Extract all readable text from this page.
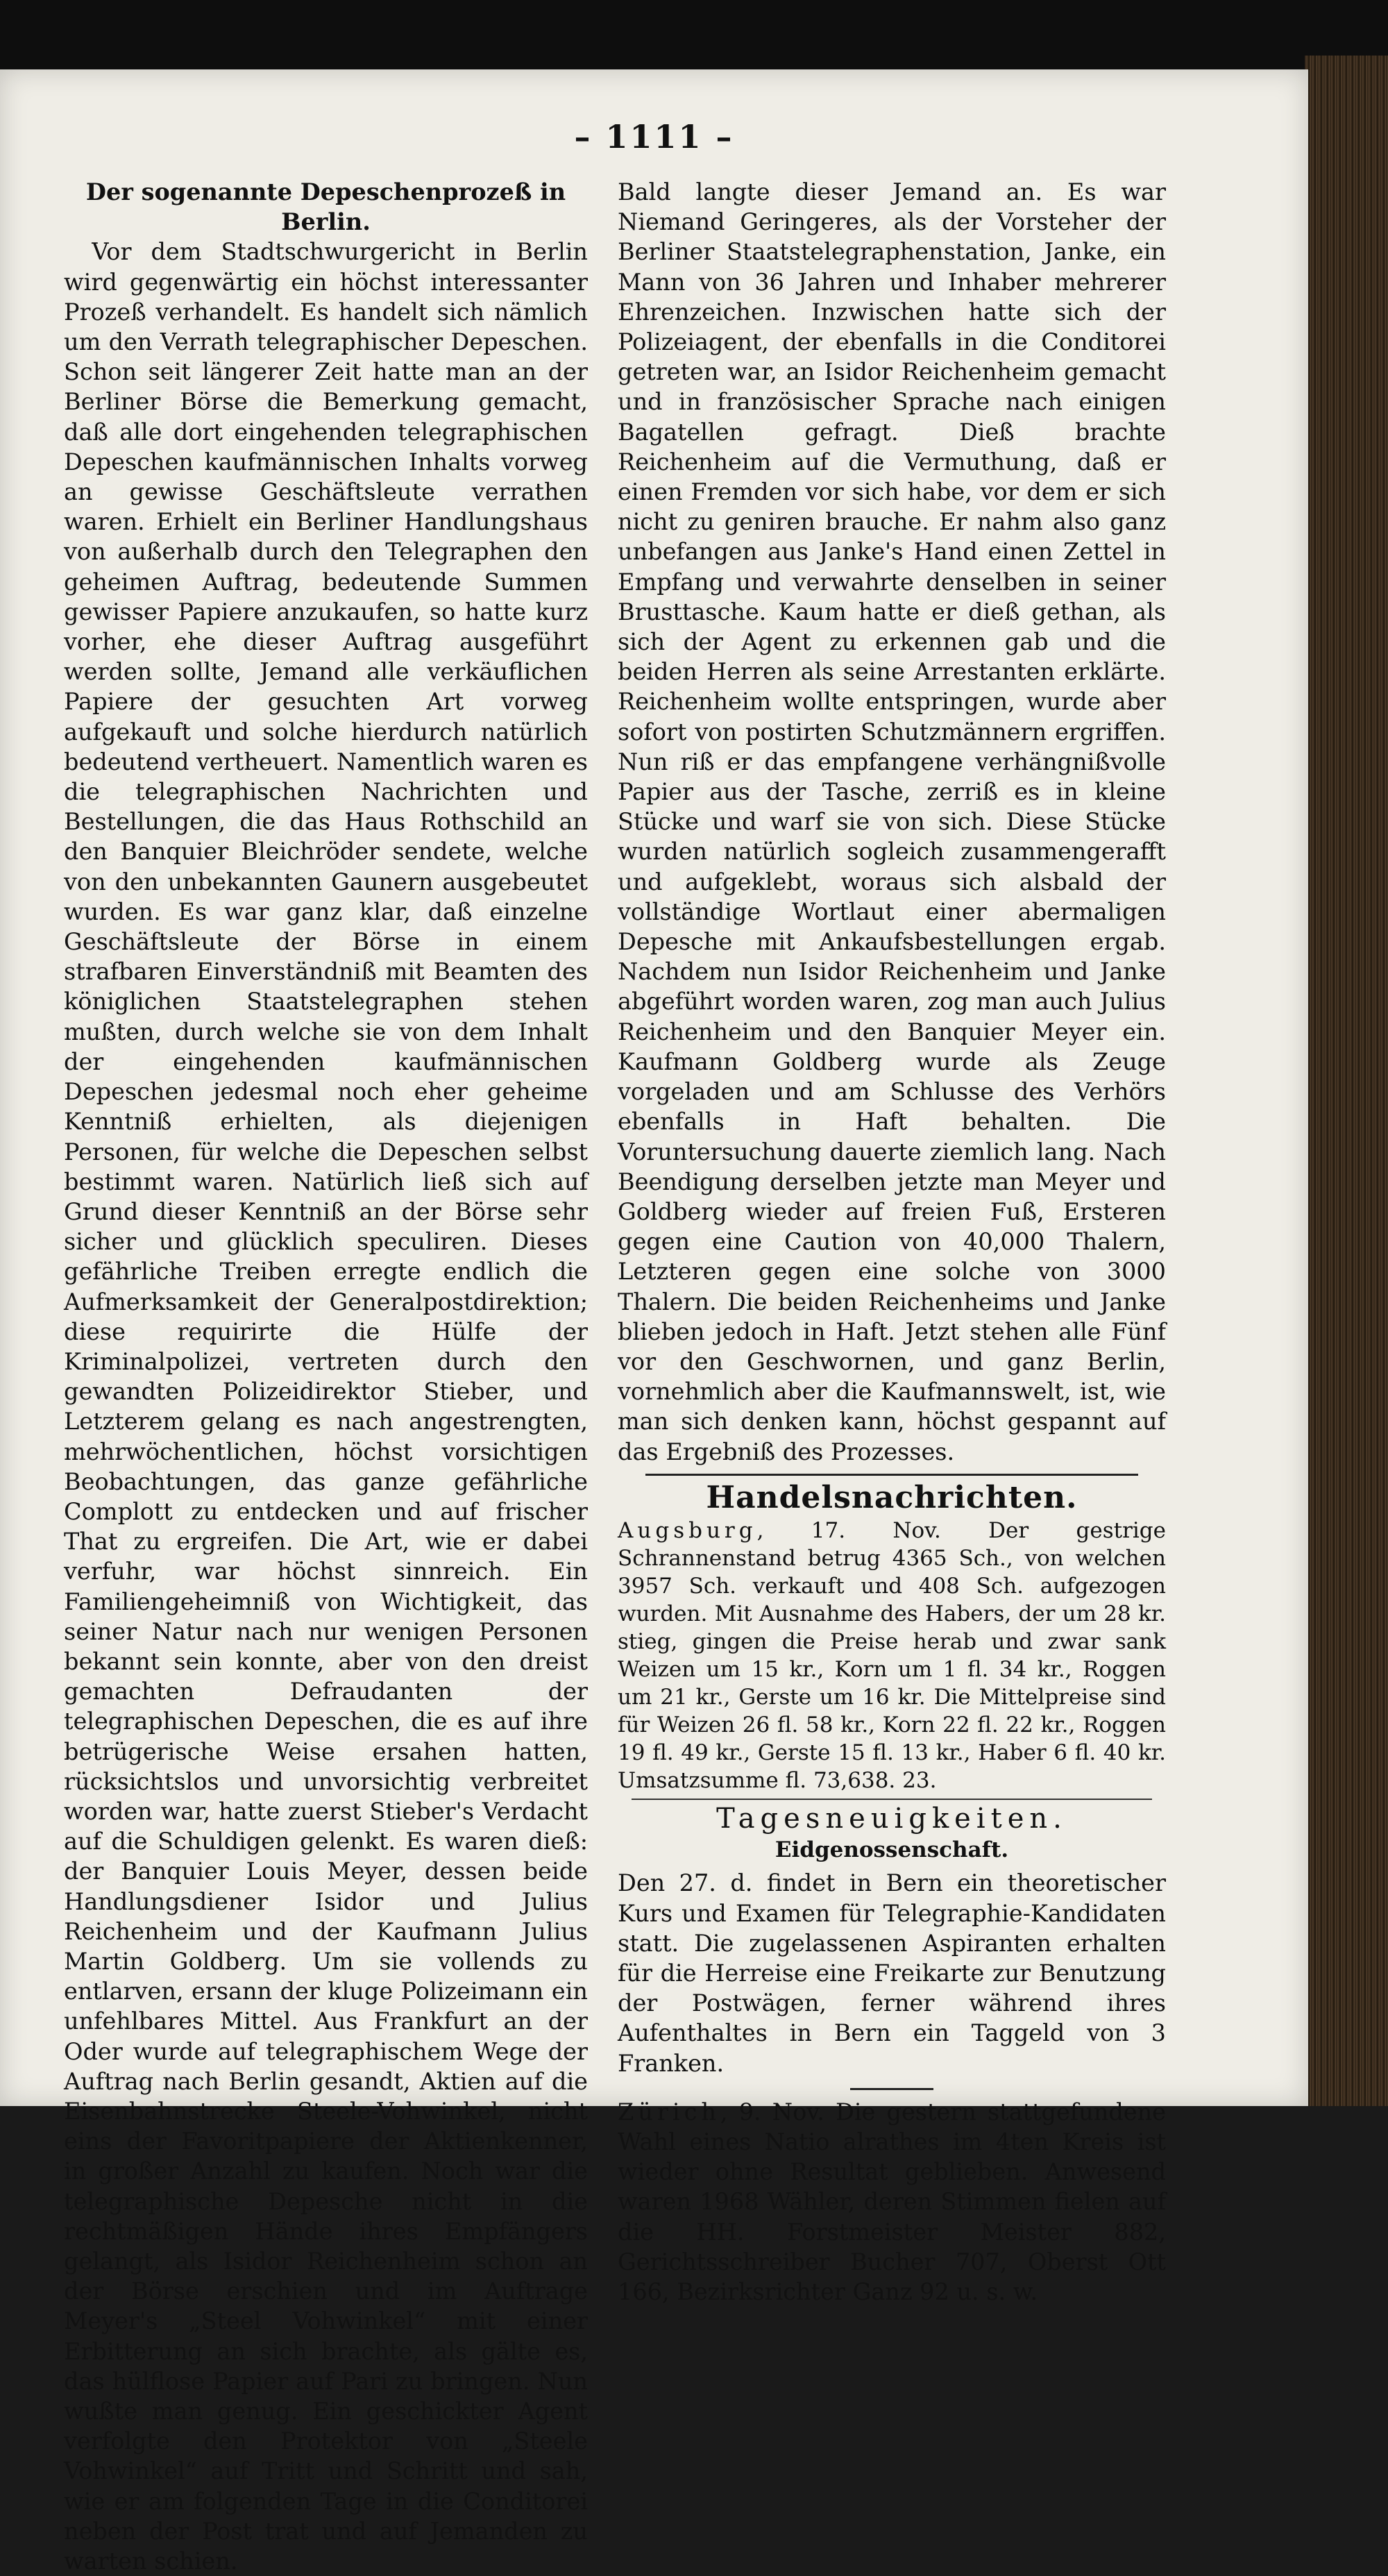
– 1111 –

Der sogenannte Depeschenprozeß in Berlin.

Vor dem Stadtschwurgericht in Berlin wird gegenwärtig ein höchst interessanter Prozeß verhandelt. Es handelt sich nämlich um den Verrath telegraphischer Depeschen. Schon seit längerer Zeit hatte man an der Berliner Börse die Bemerkung gemacht, daß alle dort eingehenden telegraphischen Depeschen kaufmännischen Inhalts vorweg an gewisse Geschäftsleute verrathen waren. Erhielt ein Berliner Handlungshaus von außerhalb durch den Telegraphen den geheimen Auftrag, bedeutende Summen gewisser Papiere anzukaufen, so hatte kurz vorher, ehe dieser Auftrag ausgeführt werden sollte, Jemand alle verkäuflichen Papiere der gesuchten Art vorweg aufgekauft und solche hierdurch natürlich bedeutend vertheuert. Namentlich waren es die telegraphischen Nachrichten und Bestellungen, die das Haus Rothschild an den Banquier Bleichröder sendete, welche von den unbekannten Gaunern ausgebeutet wurden. Es war ganz klar, daß einzelne Geschäftsleute der Börse in einem strafbaren Einverständniß mit Beamten des königlichen Staatstelegraphen stehen mußten, durch welche sie von dem Inhalt der eingehenden kaufmännischen Depeschen jedesmal noch eher geheime Kenntniß erhielten, als diejenigen Personen, für welche die Depeschen selbst bestimmt waren. Natürlich ließ sich auf Grund dieser Kenntniß an der Börse sehr sicher und glücklich speculiren. Dieses gefährliche Treiben erregte endlich die Aufmerksamkeit der Generalpostdirektion; diese requirirte die Hülfe der Kriminalpolizei, vertreten durch den gewandten Polizeidirektor Stieber, und Letzterem gelang es nach angestrengten, mehrwöchentlichen, höchst vorsichtigen Beobachtungen, das ganze gefährliche Complott zu entdecken und auf frischer That zu ergreifen. Die Art, wie er dabei verfuhr, war höchst sinnreich. Ein Familiengeheimniß von Wichtigkeit, das seiner Natur nach nur wenigen Personen bekannt sein konnte, aber von den dreist gemachten Defraudanten der telegraphischen Depeschen, die es auf ihre betrügerische Weise ersahen hatten, rücksichtslos und unvorsichtig verbreitet worden war, hatte zuerst Stieber's Verdacht auf die Schuldigen gelenkt. Es waren dieß: der Banquier Louis Meyer, dessen beide Handlungsdiener Isidor und Julius Reichenheim und der Kaufmann Julius Martin Goldberg. Um sie vollends zu entlarven, ersann der kluge Polizeimann ein unfehlbares Mittel. Aus Frankfurt an der Oder wurde auf telegraphischem Wege der Auftrag nach Berlin gesandt, Aktien auf die Eisenbahnstrecke Steele-Vohwinkel, nicht eins der Favoritpapiere der Aktienkenner, in großer Anzahl zu kaufen. Noch war die telegraphische Depesche nicht in die rechtmäßigen Hände ihres Empfängers gelangt, als Isidor Reichenheim schon an der Börse erschien und im Auftrage Meyer's „Steel Vohwinkel“ mit einer Erbitterung an sich brachte, als gälte es, das hülflose Papier auf Pari zu bringen. Nun wußte man genug. Ein geschickter Agent verfolgte den Protektor von „Steele Vohwinkel“ auf Tritt und Schritt und sah, wie er am folgenden Tage in die Conditorei neben der Post trat und auf Jemanden zu warten schien.

Bald langte dieser Jemand an. Es war Niemand Geringeres, als der Vorsteher der Berliner Staatstelegraphenstation, Janke, ein Mann von 36 Jahren und Inhaber mehrerer Ehrenzeichen. Inzwischen hatte sich der Polizeiagent, der ebenfalls in die Conditorei getreten war, an Isidor Reichenheim gemacht und in französischer Sprache nach einigen Bagatellen gefragt. Dieß brachte Reichenheim auf die Vermuthung, daß er einen Fremden vor sich habe, vor dem er sich nicht zu geniren brauche. Er nahm also ganz unbefangen aus Janke's Hand einen Zettel in Empfang und verwahrte denselben in seiner Brusttasche. Kaum hatte er dieß gethan, als sich der Agent zu erkennen gab und die beiden Herren als seine Arrestanten erklärte. Reichenheim wollte entspringen, wurde aber sofort von postirten Schutzmännern ergriffen. Nun riß er das empfangene verhängnißvolle Papier aus der Tasche, zerriß es in kleine Stücke und warf sie von sich. Diese Stücke wurden natürlich sogleich zusammengerafft und aufgeklebt, woraus sich alsbald der vollständige Wortlaut einer abermaligen Depesche mit Ankaufsbestellungen ergab. Nachdem nun Isidor Reichenheim und Janke abgeführt worden waren, zog man auch Julius Reichenheim und den Banquier Meyer ein. Kaufmann Goldberg wurde als Zeuge vorgeladen und am Schlusse des Verhörs ebenfalls in Haft behalten. Die Voruntersuchung dauerte ziemlich lang. Nach Beendigung derselben jetzte man Meyer und Goldberg wieder auf freien Fuß, Ersteren gegen eine Caution von 40,000 Thalern, Letzteren gegen eine solche von 3000 Thalern. Die beiden Reichenheims und Janke blieben jedoch in Haft. Jetzt stehen alle Fünf vor den Geschwornen, und ganz Berlin, vornehmlich aber die Kaufmannswelt, ist, wie man sich denken kann, höchst gespannt auf das Ergebniß des Prozesses.

Handelsnachrichten.

Augsburg, 17. Nov. Der gestrige Schrannenstand betrug 4365 Sch., von welchen 3957 Sch. verkauft und 408 Sch. aufgezogen wurden. Mit Ausnahme des Habers, der um 28 kr. stieg, gingen die Preise herab und zwar sank Weizen um 15 kr., Korn um 1 fl. 34 kr., Roggen um 21 kr., Gerste um 16 kr. Die Mittelpreise sind für Weizen 26 fl. 58 kr., Korn 22 fl. 22 kr., Roggen 19 fl. 49 kr., Gerste 15 fl. 13 kr., Haber 6 fl. 40 kr. Umsatzsumme fl. 73,638. 23.

Tagesneuigkeiten.
Eidgenossenschaft.

Den 27. d. findet in Bern ein theoretischer Kurs und Examen für Telegraphie-Kandidaten statt. Die zugelassenen Aspiranten erhalten für die Herreise eine Freikarte zur Benutzung der Postwägen, ferner während ihres Aufenthaltes in Bern ein Taggeld von 3 Franken.

Zürich, 9. Nov. Die gestern stattgefundene Wahl eines Natio alrathes im 4ten Kreis ist wieder ohne Resultat geblieben. Anwesend waren 1968 Wähler, deren Stimmen fielen auf die HH. Forstmeister Meister 882, Gerichtsschreiber Bucher 707, Oberst Ott 166, Bezirksrichter Ganz 92 u. s. w.
